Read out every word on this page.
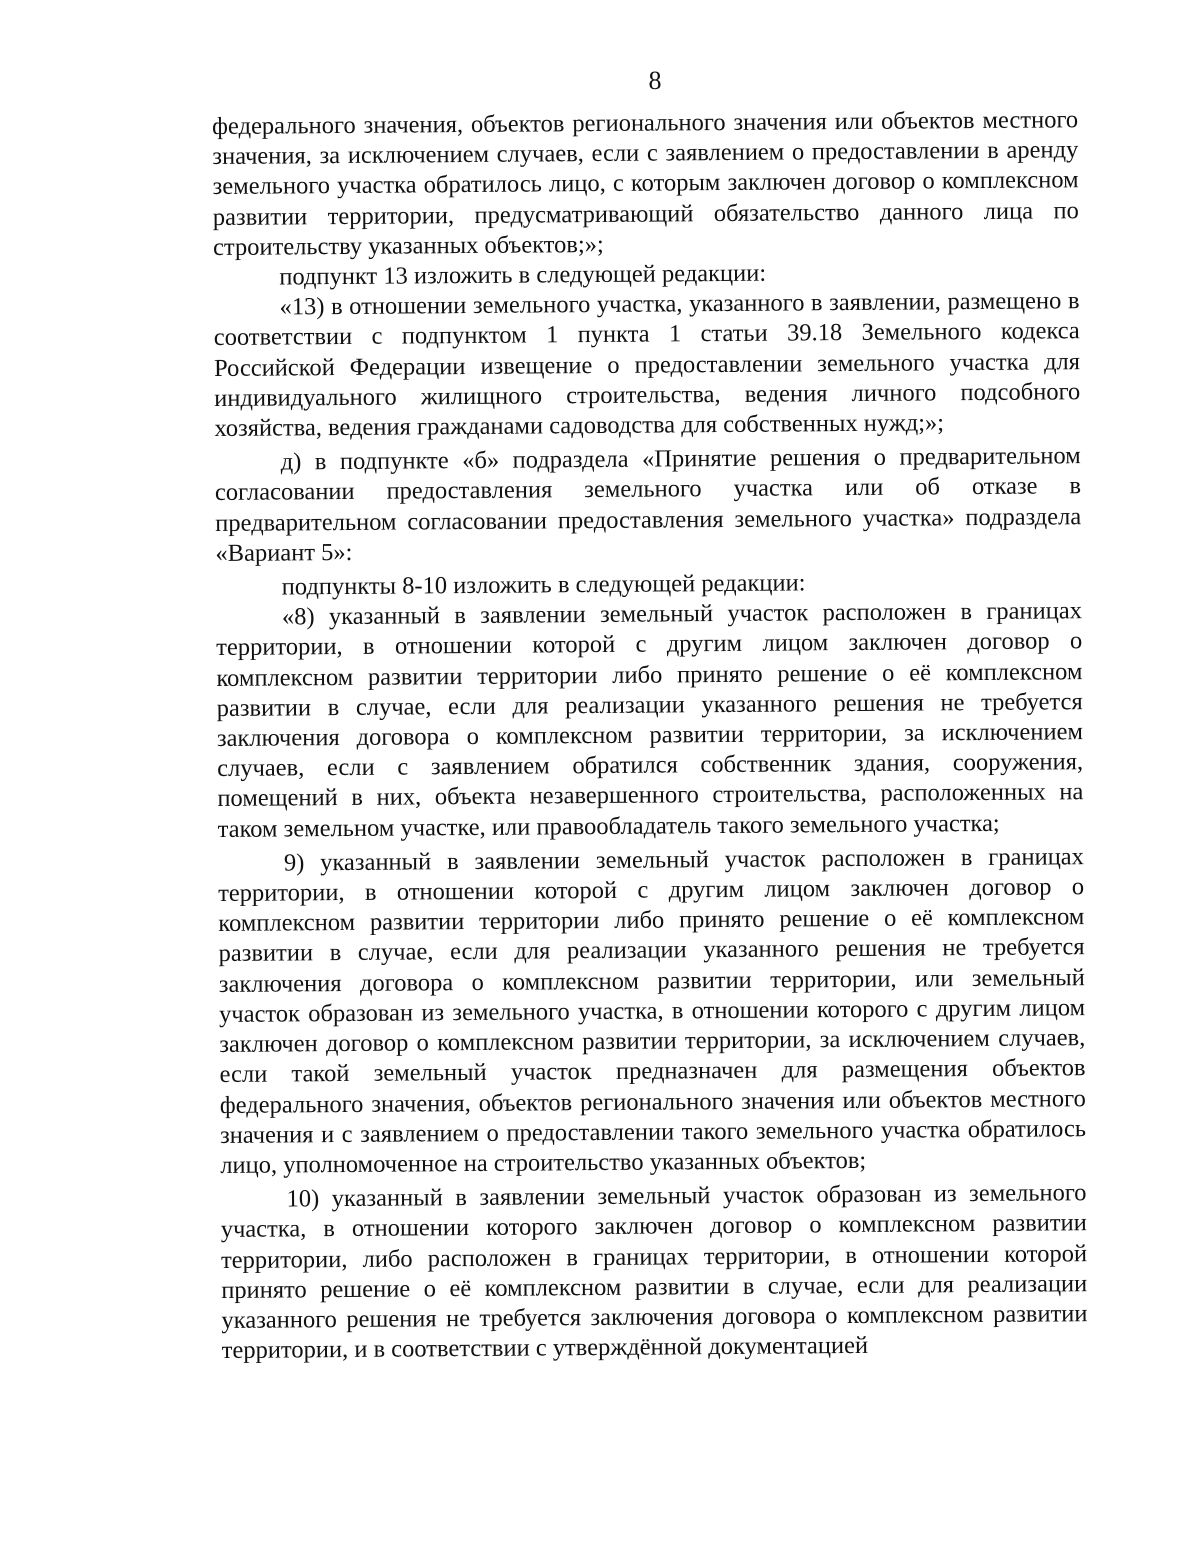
8

федерального значения, объектов регионального значения или объектов местного значения, за исключением случаев, если с заявлением о предоставлении в аренду земельного участка обратилось лицо, с которым заключен договор о комплексном развитии территории, предусматривающий обязательство данного лица по строительству указанных объектов;»;

подпункт 13 изложить в следующей редакции:

«13) в отношении земельного участка, указанного в заявлении, размещено в соответствии с подпунктом 1 пункта 1 статьи 39.18 Земельного кодекса Российской Федерации извещение о предоставлении земельного участка для индивидуального жилищного строительства, ведения личного подсобного хозяйства, ведения гражданами садоводства для собственных нужд;»;

д) в подпункте «б» подраздела «Принятие решения о предварительном согласовании предоставления земельного участка или об отказе в предварительном согласовании предоставления земельного участка» подраздела «Вариант 5»:

подпункты 8-10 изложить в следующей редакции:

«8) указанный в заявлении земельный участок расположен в границах территории, в отношении которой с другим лицом заключен договор о комплексном развитии территории либо принято решение о её комплексном развитии в случае, если для реализации указанного решения не требуется заключения договора о комплексном развитии территории, за исключением случаев, если с заявлением обратился собственник здания, сооружения, помещений в них, объекта незавершенного строительства, расположенных на таком земельном участке, или правообладатель такого земельного участка;

9) указанный в заявлении земельный участок расположен в границах территории, в отношении которой с другим лицом заключен договор о комплексном развитии территории либо принято решение о её комплексном развитии в случае, если для реализации указанного решения не требуется заключения договора о комплексном развитии территории, или земельный участок образован из земельного участка, в отношении которого с другим лицом заключен договор о комплексном развитии территории, за исключением случаев, если такой земельный участок предназначен для размещения объектов федерального значения, объектов регионального значения или объектов местного значения и с заявлением о предоставлении такого земельного участка обратилось лицо, уполномоченное на строительство указанных объектов;

10) указанный в заявлении земельный участок образован из земельного участка, в отношении которого заключен договор о комплексном развитии территории, либо расположен в границах территории, в отношении которой принято решение о её комплексном развитии в случае, если для реализации указанного решения не требуется заключения договора о комплексном развитии территории, и в соответствии с утверждённой документацией
